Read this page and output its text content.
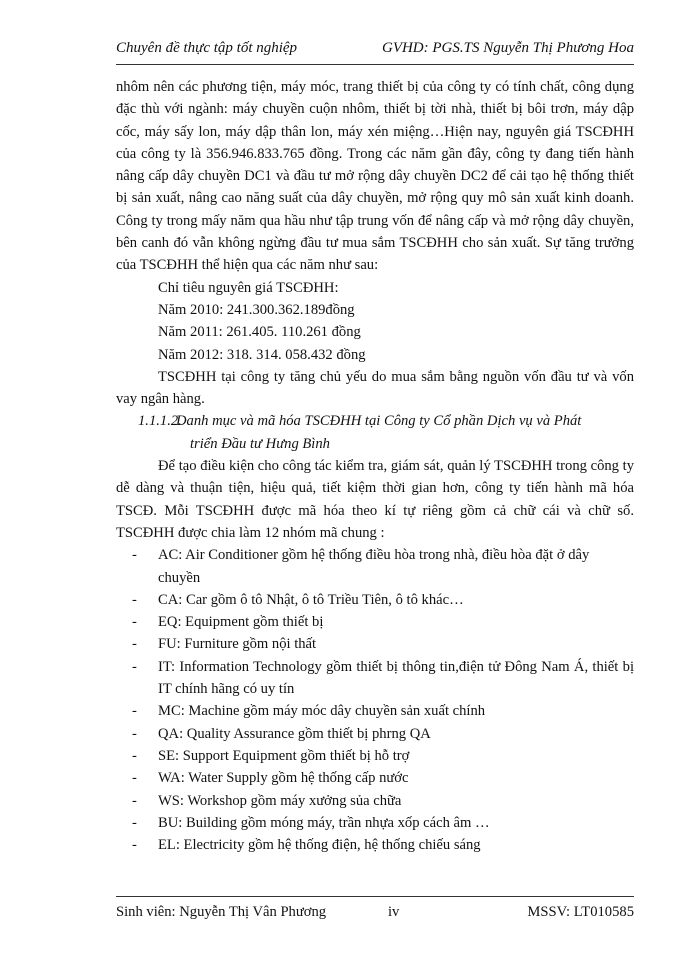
Chuyên đề thực tập tốt nghiệp	GVHD: PGS.TS Nguyễn Thị Phương Hoa

nhôm nên các phương tiện, máy móc, trang thiết bị của công ty có tính chất, công dụng đặc thù với ngành: máy chuyền cuộn nhôm, thiết bị tời nhà, thiết bị bôi trơn, máy dập cốc, máy sấy lon, máy dập thân lon, máy xén miệng…Hiện nay, nguyên giá TSCĐHH của công ty là 356.946.833.765 đồng. Trong các năm gần đây, công ty đang tiến hành nâng cấp dây chuyền DC1 và đầu tư mở rộng dây chuyền DC2 để cải tạo hệ thống thiết bị sản xuất, nâng cao năng suất của dây chuyền, mở rộng quy mô sản xuất kinh doanh. Công ty trong mấy năm qua hầu như tập trung vốn để nâng cấp và mở rộng dây chuyền, bên canh đó vẫn không ngừng đầu tư mua sắm TSCĐHH cho sản xuất. Sự tăng trưởng của TSCĐHH thể hiện qua các năm như sau:

Chỉ tiêu nguyên giá TSCĐHH:

Năm 2010: 241.300.362.189đồng

Năm 2011: 261.405. 110.261 đồng

Năm 2012: 318. 314. 058.432 đồng

TSCĐHH tại công ty tăng chủ yếu do mua sắm bằng nguồn vốn đầu tư và vốn vay ngân hàng.

1.1.1.2.
Danh mục và mã hóa TSCĐHH tại Công ty Cổ phần Dịch vụ và Phát
triển Đầu tư Hưng Bình

Để tạo điều kiện cho công tác kiểm tra, giám sát, quản lý TSCĐHH trong công ty dễ dàng và thuận tiện, hiệu quả, tiết kiệm thời gian hơn, công ty tiến hành mã hóa TSCĐ. Mỗi TSCĐHH được mã hóa theo kí tự riêng gồm cả chữ cái và chữ số. TSCĐHH được chia làm 12 nhóm mã chung :

- AC: Air Conditioner gồm hệ thống điều hòa trong nhà, điều hòa đặt ở dây chuyền
- CA: Car gồm ô tô Nhật, ô tô Triều Tiên, ô tô khác…
- EQ: Equipment gồm thiết bị
- FU: Furniture gồm nội thất
- IT: Information Technology gồm thiết bị thông tin,điện tử Đông Nam Á, thiết bị IT chính hãng có uy tín
- MC: Machine gồm máy móc dây chuyền sản xuất chính
- QA: Quality Assurance gồm thiết bị phrng QA
- SE: Support Equipment gồm thiết bị hỗ trợ
- WA: Water Supply gồm hệ thống cấp nước
- WS: Workshop gồm máy xưởng sủa chữa
- BU: Building gồm móng máy, trần nhựa xốp cách âm …
- EL: Electricity gồm hệ thống điện, hệ thống chiếu sáng
Sinh viên: Nguyễn Thị Vân Phương	iv	MSSV: LT010585
